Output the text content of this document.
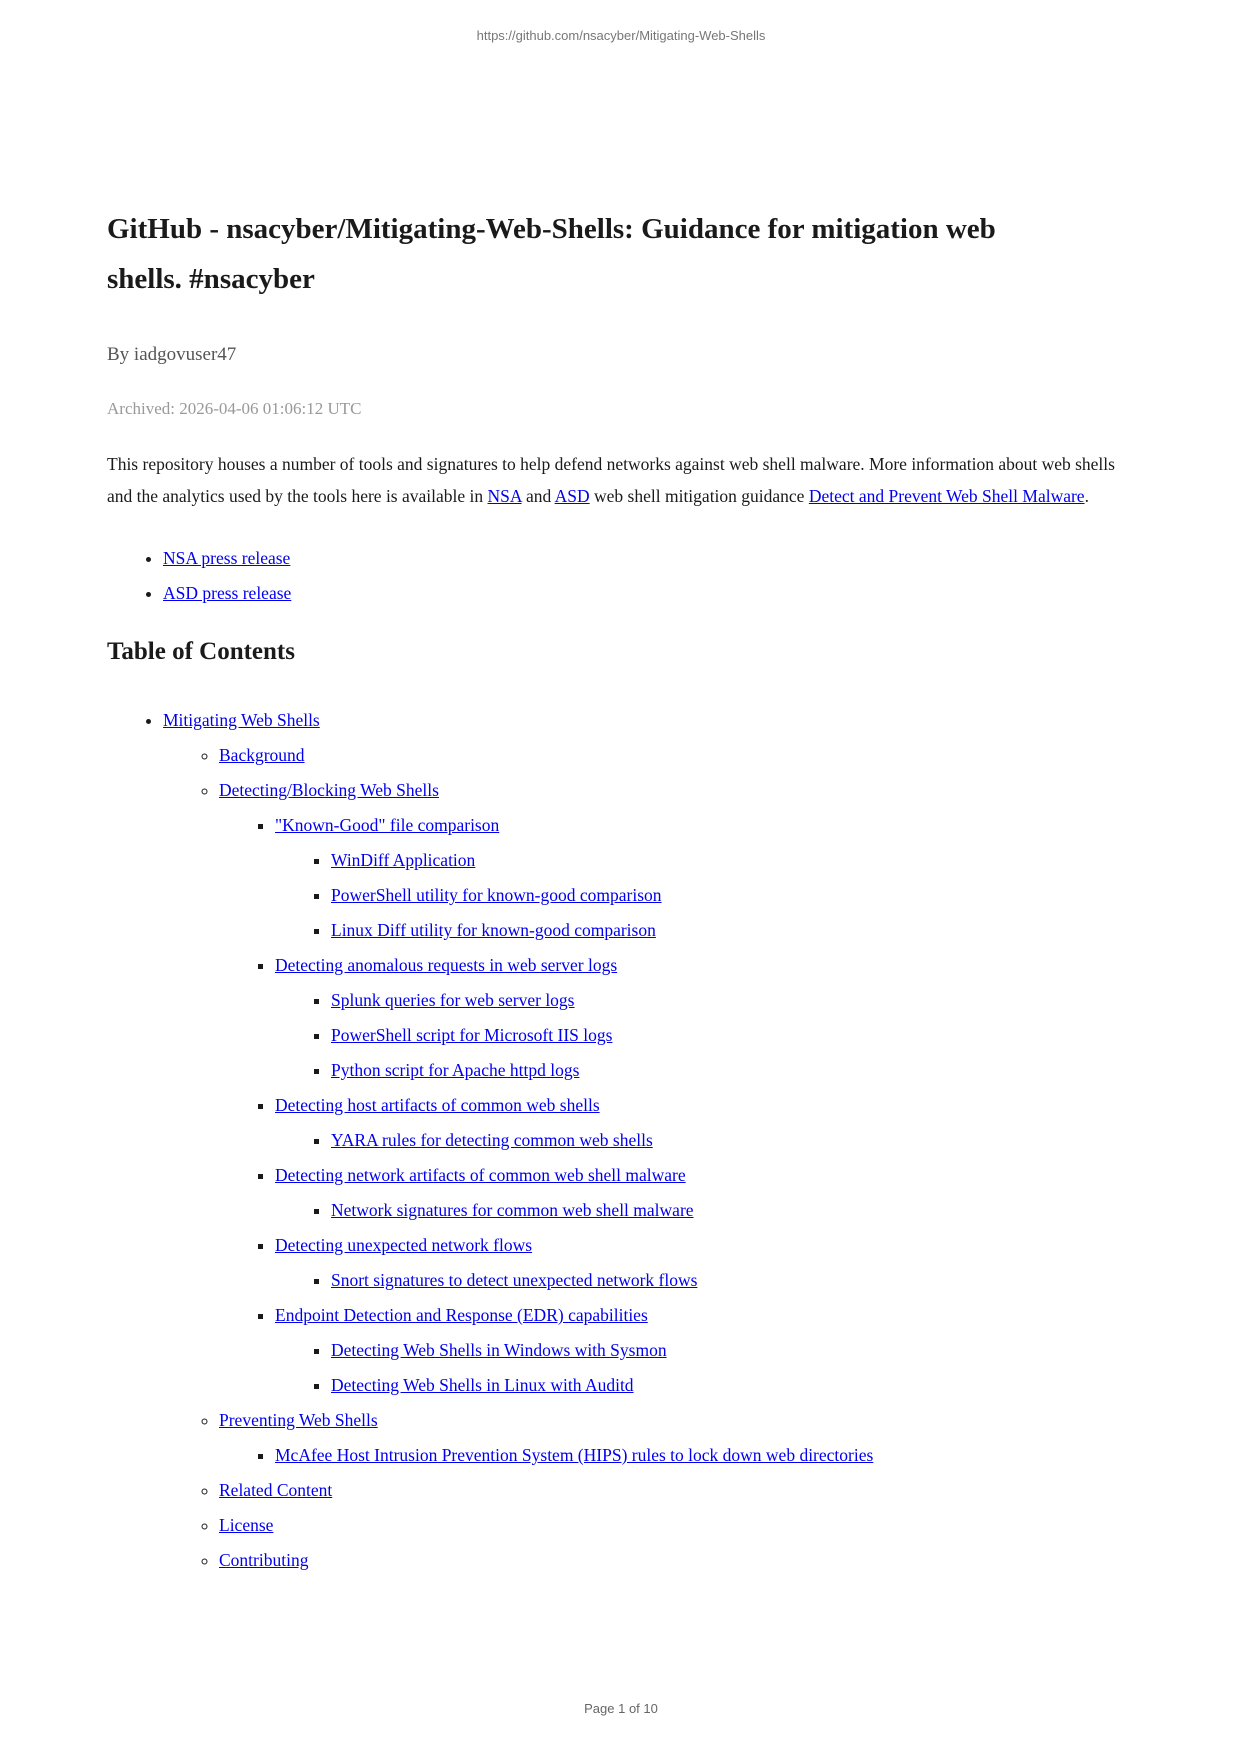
https://github.com/nsacyber/Mitigating-Web-Shells
GitHub - nsacyber/Mitigating-Web-Shells: Guidance for mitigation web shells. #nsacyber

By iadgovuser47

Archived: 2026-04-06 01:06:12 UTC

This repository houses a number of tools and signatures to help defend networks against web shell malware. More information about web shells and the analytics used by the tools here is available in NSA and ASD web shell mitigation guidance Detect and Prevent Web Shell Malware.

• NSA press release
• ASD press release
Table of Contents
• Mitigating Web Shells
◦ Background
◦ Detecting/Blocking Web Shells
▪ "Known-Good" file comparison
▪ WinDiff Application
▪ PowerShell utility for known-good comparison
▪ Linux Diff utility for known-good comparison
▪ Detecting anomalous requests in web server logs
▪ Splunk queries for web server logs
▪ PowerShell script for Microsoft IIS logs
▪ Python script for Apache httpd logs
▪ Detecting host artifacts of common web shells
▪ YARA rules for detecting common web shells
▪ Detecting network artifacts of common web shell malware
▪ Network signatures for common web shell malware
▪ Detecting unexpected network flows
▪ Snort signatures to detect unexpected network flows
▪ Endpoint Detection and Response (EDR) capabilities
▪ Detecting Web Shells in Windows with Sysmon
▪ Detecting Web Shells in Linux with Auditd
◦ Preventing Web Shells
▪ McAfee Host Intrusion Prevention System (HIPS) rules to lock down web directories
◦ Related Content
◦ License
◦ Contributing
Page 1 of 10
